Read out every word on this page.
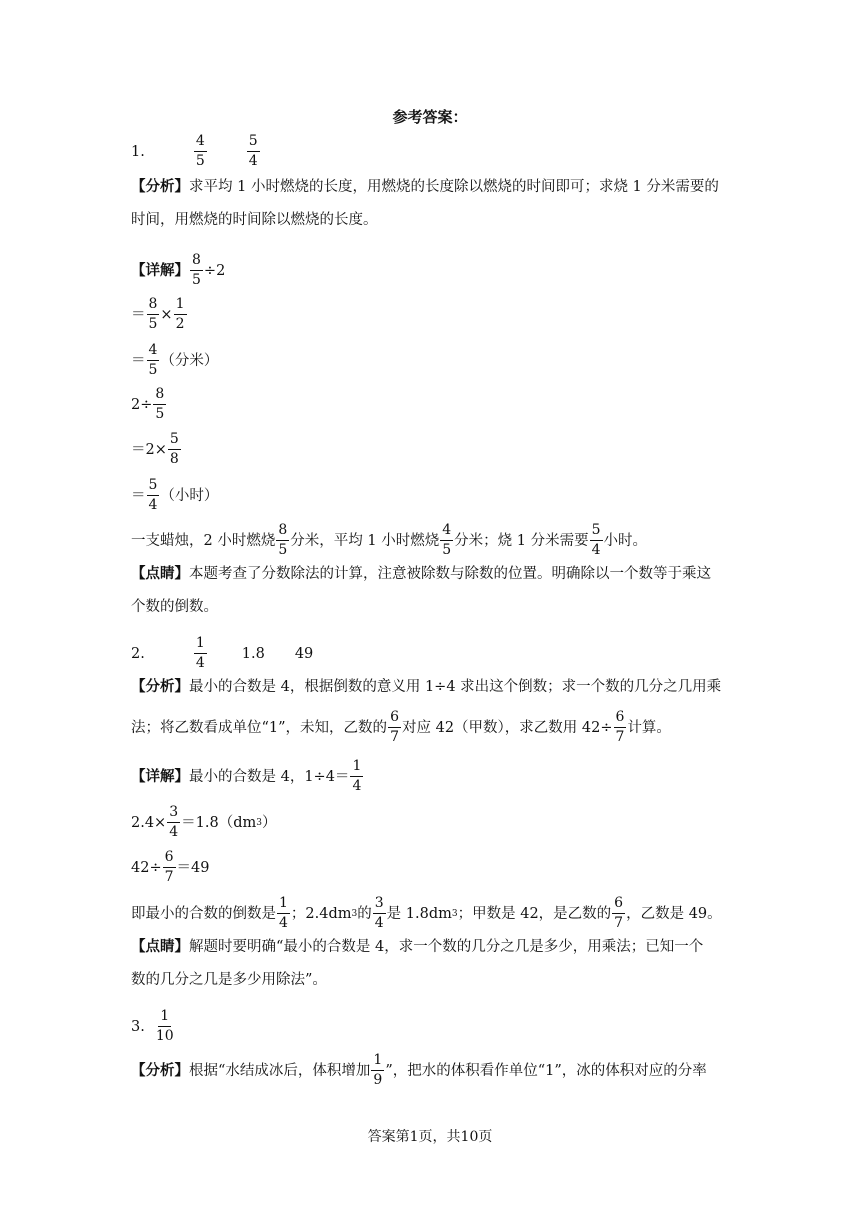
参考答案：
1.	$\frac{4}{5}$	$\frac{5}{4}$
【分析】 求平均 1 小时燃烧的长度，用燃烧的长度除以燃烧的时间即可；求烧 1 分米需要的
时间，用燃烧的时间除以燃烧的长度。
【详解】 $\frac{8}{5} \div 2$
＝ $\frac{8}{5} \times \frac{1}{2}$
＝ $\frac{4}{5}$ （分米）
$2\div \frac{8}{5}$
$=2\times \frac{5}{8}$
＝ $\frac{5}{4}$ （小时）
一支蜡烛，2 小时燃烧 $\frac{8}{5}$ 分米，平均 1 小时燃烧 $\frac{4}{5}$ 分米；烧 1 分米需要 $\frac{5}{4}$ 小时。
【点睛】 本题考查了分数除法的计算，注意被除数与除数的位置。明确除以一个数等于乘这
个数的倒数。
2.	$\frac{1}{4} 1.8$ 49
【分析】 最小的合数是 4，根据倒数的意义用 1÷4 求出这个倒数；求一个数的几分之几用乘
法；将乙数看成单位“1”，未知，乙数的 $\frac{6}{7}$ 对应 42（甲数），求乙数用 $42\div \frac{6}{7}$ 计算。
【详解】 最小的合数是 4，$1\div 4= \frac{1}{4}$
$2.4\times \frac{3}{4} =1.8(dm$ 3 ）
$42\div \frac{6}{7} =49$
即最小的合数的倒数是 $\frac{1}{4}$ ；2.4dm 3 的 $\frac{3}{4}$ 是 1.8dm 3 ；甲数是 42，是乙数的 $\frac{6}{7}$ ，乙数是 49。
【点睛】 解题时要明确“最小的合数是 4，求一个数的几分之几是多少，用乘法；已知一个
数的几分之几是多少用除法”。
3. $\frac{1}{10}$
【分析】 根据“水结成冰后，体积增加 $\frac{1}{9}$ ”，把水的体积看作单位“1”，冰的体积对应的分率
答案第1页，共10页
